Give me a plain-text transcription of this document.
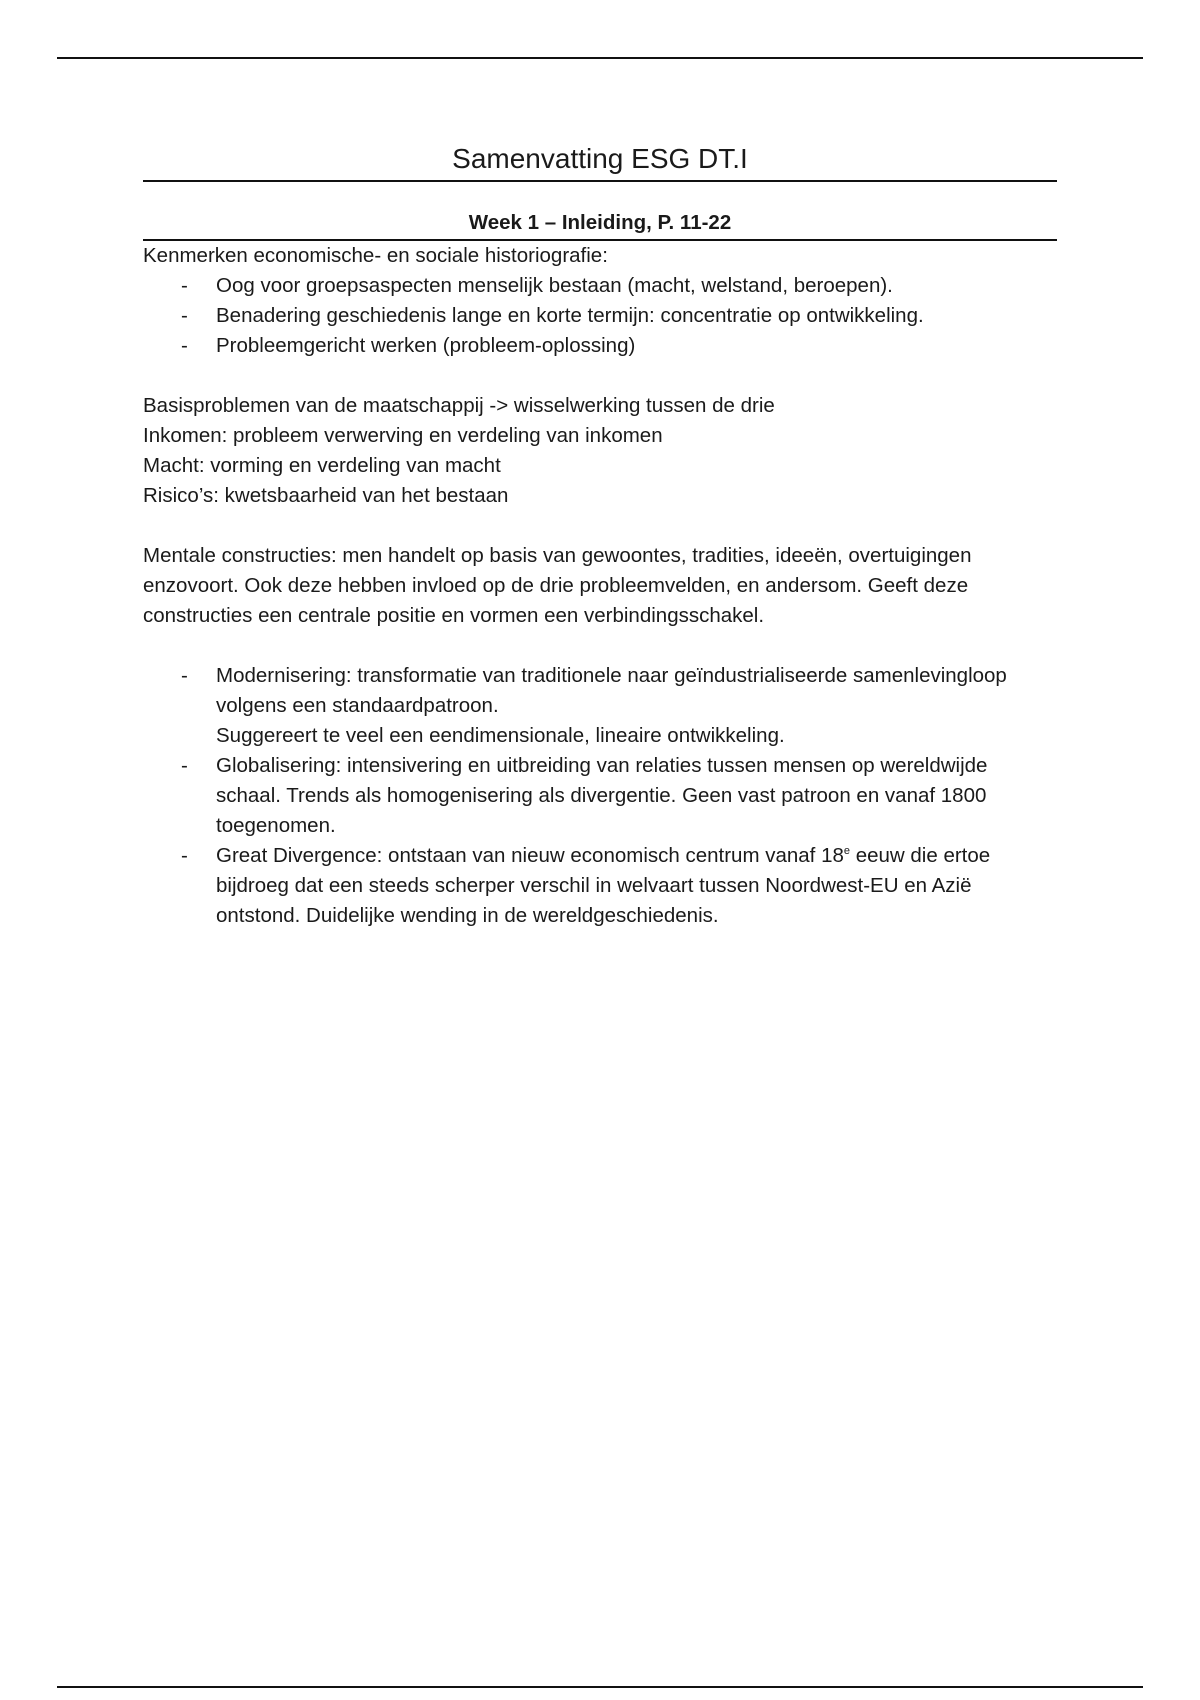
Samenvatting ESG DT.I
Week 1 – Inleiding, P. 11-22

Kenmerken economische- en sociale historiografie:

- Oog voor groepsaspecten menselijk bestaan (macht, welstand, beroepen).
- Benadering geschiedenis lange en korte termijn: concentratie op ontwikkeling.
- Probleemgericht werken (probleem-oplossing)

Basisproblemen van de maatschappij -> wisselwerking tussen de drie

Inkomen: probleem verwerving en verdeling van inkomen

Macht: vorming en verdeling van macht

Risico’s: kwetsbaarheid van het bestaan

Mentale constructies: men handelt op basis van gewoontes, tradities, ideeën, overtuigingen enzovoort. Ook deze hebben invloed op de drie probleemvelden, en andersom. Geeft deze constructies een centrale positie en vormen een verbindingsschakel.

- Modernisering: transformatie van traditionele naar geïndustrialiseerde samenlevingloop volgens een standaardpatroon.
Suggereert te veel een eendimensionale, lineaire ontwikkeling.
- Globalisering: intensivering en uitbreiding van relaties tussen mensen op wereldwijde schaal. Trends als homogenisering als divergentie. Geen vast patroon en vanaf 1800 toegenomen.
- Great Divergence: ontstaan van nieuw economisch centrum vanaf 18e eeuw die ertoe bijdroeg dat een steeds scherper verschil in welvaart tussen Noordwest-EU en Azië ontstond. Duidelijke wending in de wereldgeschiedenis.
